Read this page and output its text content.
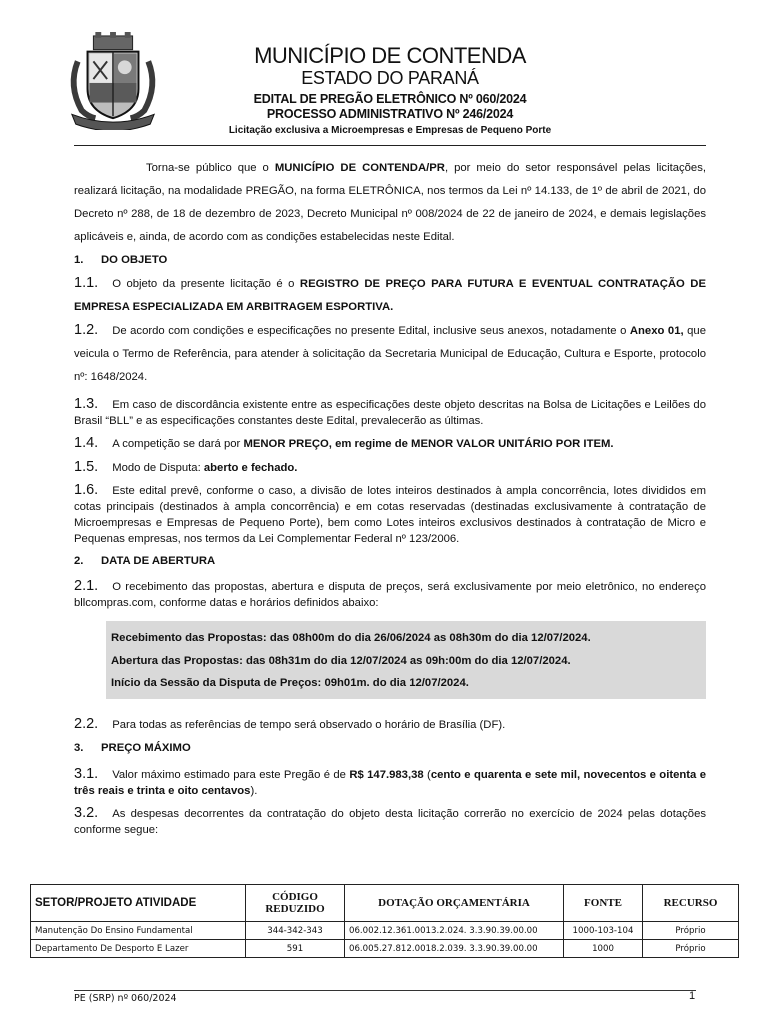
MUNICÍPIO DE CONTENDA
ESTADO DO PARANÁ
EDITAL DE PREGÃO ELETRÔNICO Nº 060/2024
PROCESSO ADMINISTRATIVO Nº 246/2024
Licitação exclusiva a Microempresas e Empresas de Pequeno Porte

Torna-se público que o MUNICÍPIO DE CONTENDA/PR, por meio do setor responsável pelas licitações, realizará licitação, na modalidade PREGÃO, na forma ELETRÔNICA, nos termos da Lei nº 14.133, de 1º de abril de 2021, do Decreto nº 288, de 18 de dezembro de 2023, Decreto Municipal nº 008/2024 de 22 de janeiro de 2024, e demais legislações aplicáveis e, ainda, de acordo com as condições estabelecidas neste Edital.

1. DO OBJETO

1.1. O objeto da presente licitação é o REGISTRO DE PREÇO PARA FUTURA E EVENTUAL CONTRATAÇÃO DE EMPRESA ESPECIALIZADA EM ARBITRAGEM ESPORTIVA.

1.2. De acordo com condições e especificações no presente Edital, inclusive seus anexos, notadamente o Anexo 01, que veicula o Termo de Referência, para atender à solicitação da Secretaria Municipal de Educação, Cultura e Esporte, protocolo nº: 1648/2024.

1.3. Em caso de discordância existente entre as especificações deste objeto descritas na Bolsa de Licitações e Leilões do Brasil “BLL” e as especificações constantes deste Edital, prevalecerão as últimas.

1.4. A competição se dará por MENOR PREÇO, em regime de MENOR VALOR UNITÁRIO POR ITEM.

1.5. Modo de Disputa: aberto e fechado.

1.6. Este edital prevê, conforme o caso, a divisão de lotes inteiros destinados à ampla concorrência, lotes divididos em cotas principais (destinados à ampla concorrência) e em cotas reservadas (destinadas exclusivamente à contratação de Microempresas e Empresas de Pequeno Porte), bem como Lotes inteiros exclusivos destinados à contratação de Micro e Pequenas empresas, nos termos da Lei Complementar Federal nº 123/2006.

2. DATA DE ABERTURA

2.1. O recebimento das propostas, abertura e disputa de preços, será exclusivamente por meio eletrônico, no endereço bllcompras.com, conforme datas e horários definidos abaixo:

Recebimento das Propostas: das 08h00m do dia 26/06/2024 as 08h30m do dia 12/07/2024.
Abertura das Propostas: das 08h31m do dia 12/07/2024 as 09h:00m do dia 12/07/2024.
Início da Sessão da Disputa de Preços: 09h01m. do dia 12/07/2024.

2.2. Para todas as referências de tempo será observado o horário de Brasília (DF).

3. PREÇO MÁXIMO

3.1. Valor máximo estimado para este Pregão é de R$ 147.983,38 (cento e quarenta e sete mil, novecentos e oitenta e três reais e trinta e oito centavos).

3.2. As despesas decorrentes da contratação do objeto desta licitação correrão no exercício de 2024 pelas dotações conforme segue:

SETOR/PROJETO ATIVIDADE	CÓDIGO REDUZIDO	DOTAÇÃO ORÇAMENTÁRIA	FONTE	RECURSO
Manutenção Do Ensino Fundamental	344-342-343	06.002.12.361.0013.2.024. 3.3.90.39.00.00	1000-103-104	Próprio
Departamento De Desporto E Lazer	591	06.005.27.812.0018.2.039. 3.3.90.39.00.00	1000	Próprio
PE (SRP) nº 060/2024	1
